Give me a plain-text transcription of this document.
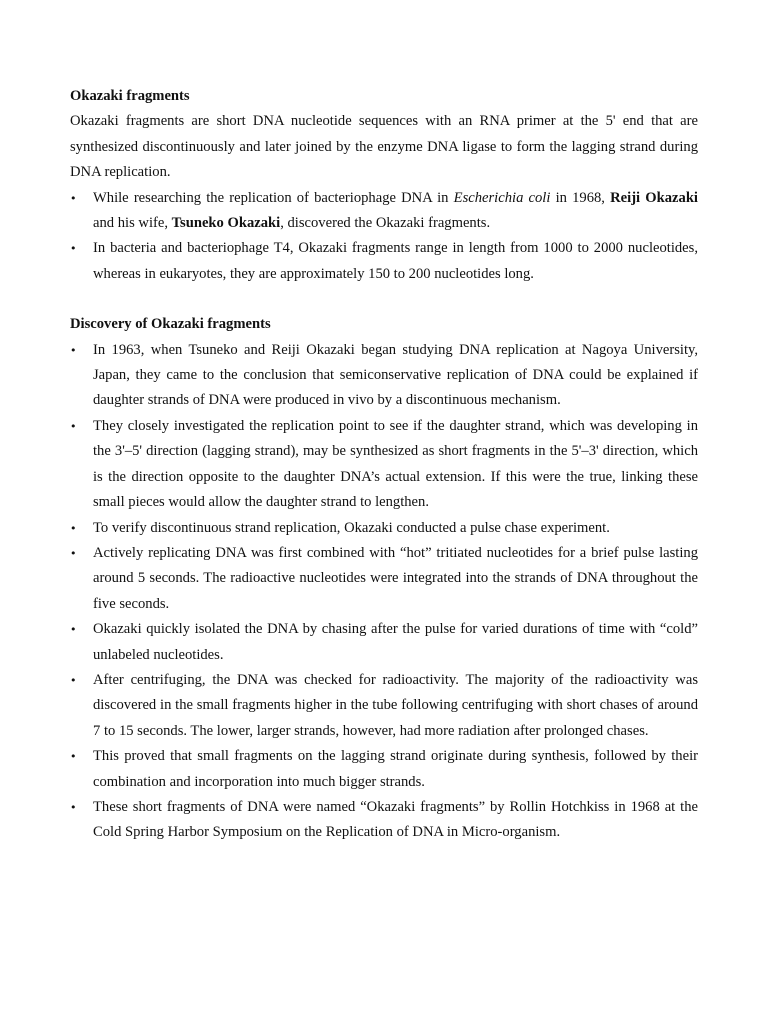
Okazaki fragments

Okazaki fragments are short DNA nucleotide sequences with an RNA primer at the 5' end that are synthesized discontinuously and later joined by the enzyme DNA ligase to form the lagging strand during DNA replication.

•	While researching the replication of bacteriophage DNA in Escherichia coli in 1968, Reiji Okazaki and his wife, Tsuneko Okazaki, discovered the Okazaki fragments.
•	In bacteria and bacteriophage T4, Okazaki fragments range in length from 1000 to 2000 nucleotides, whereas in eukaryotes, they are approximately 150 to 200 nucleotides long.

Discovery of Okazaki fragments

•	In 1963, when Tsuneko and Reiji Okazaki began studying DNA replication at Nagoya University, Japan, they came to the conclusion that semiconservative replication of DNA could be explained if daughter strands of DNA were produced in vivo by a discontinuous mechanism.
•	They closely investigated the replication point to see if the daughter strand, which was developing in the 3'–5' direction (lagging strand), may be synthesized as short fragments in the 5'–3' direction, which is the direction opposite to the daughter DNA’s actual extension. If this were the true, linking these small pieces would allow the daughter strand to lengthen.
•	To verify discontinuous strand replication, Okazaki conducted a pulse chase experiment.
•	Actively replicating DNA was first combined with “hot” tritiated nucleotides for a brief pulse lasting around 5 seconds. The radioactive nucleotides were integrated into the strands of DNA throughout the five seconds.
•	Okazaki quickly isolated the DNA by chasing after the pulse for varied durations of time with “cold” unlabeled nucleotides.
•	After centrifuging, the DNA was checked for radioactivity. The majority of the radioactivity was discovered in the small fragments higher in the tube following centrifuging with short chases of around 7 to 15 seconds. The lower, larger strands, however, had more radiation after prolonged chases.
•	This proved that small fragments on the lagging strand originate during synthesis, followed by their combination and incorporation into much bigger strands.
•	These short fragments of DNA were named “Okazaki fragments” by Rollin Hotchkiss in 1968 at the Cold Spring Harbor Symposium on the Replication of DNA in Micro-organism.
